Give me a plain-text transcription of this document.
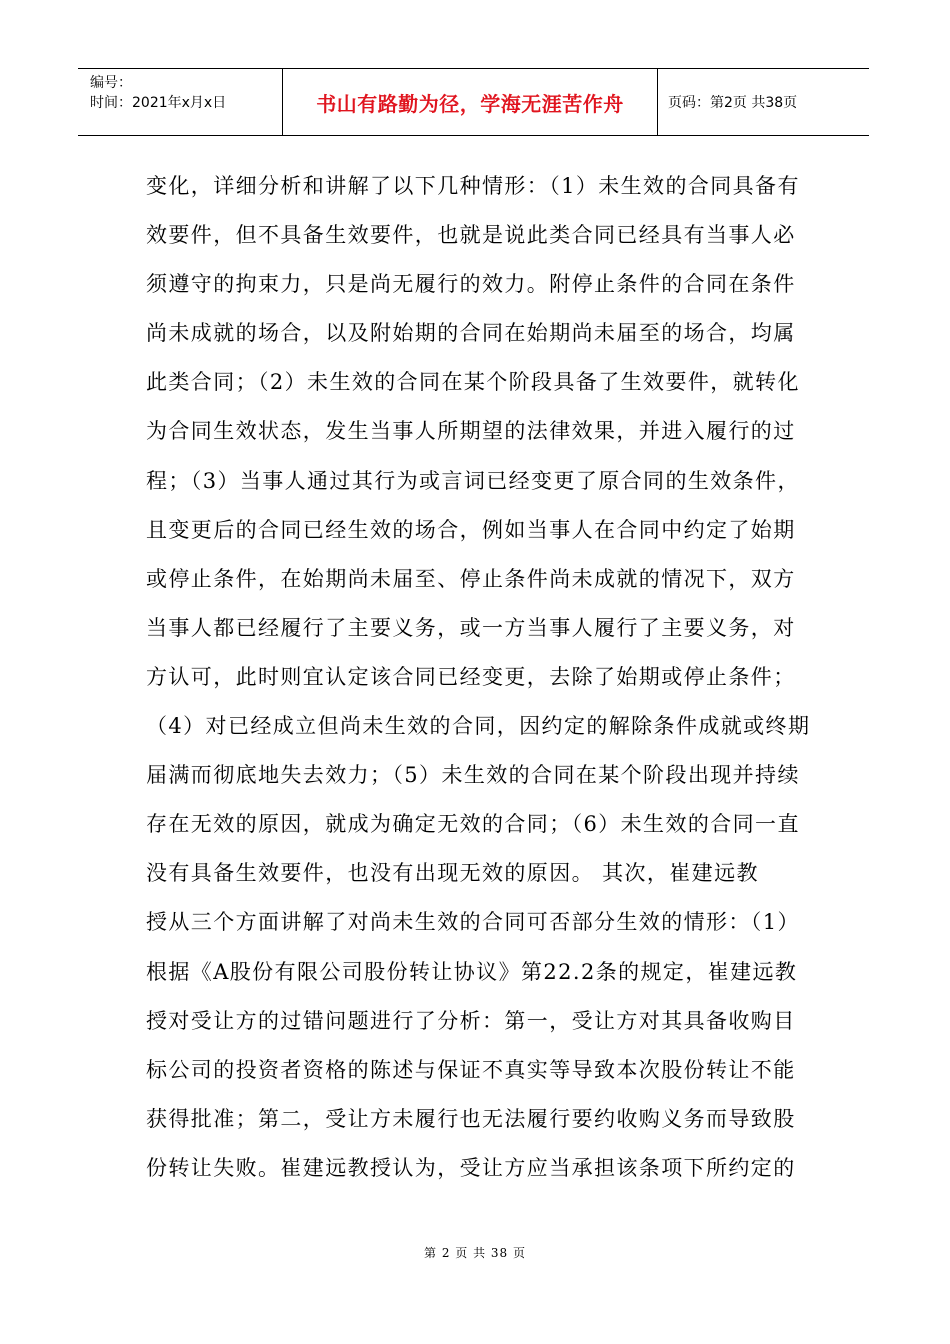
编号：
时间：2021年x月x日	书山有路勤为径，学海无涯苦作舟	页码：第2页 共38页
变化，详细分析和讲解了以下几种情形：（1）未生效的合同具备有
效要件，但不具备生效要件，也就是说此类合同已经具有当事人必
须遵守的拘束力，只是尚无履行的效力。附停止条件的合同在条件
尚未成就的场合，以及附始期的合同在始期尚未届至的场合，均属
此类合同；（2）未生效的合同在某个阶段具备了生效要件，就转化
为合同生效状态，发生当事人所期望的法律效果，并进入履行的过
程；（3）当事人通过其行为或言词已经变更了原合同的生效条件，
且变更后的合同已经生效的场合，例如当事人在合同中约定了始期
或停止条件，在始期尚未届至、停止条件尚未成就的情况下，双方
当事人都已经履行了主要义务，或一方当事人履行了主要义务，对
方认可，此时则宜认定该合同已经变更，去除了始期或停止条件；
（4）对已经成立但尚未生效的合同，因约定的解除条件成就或终期
届满而彻底地失去效力；（5）未生效的合同在某个阶段出现并持续
存在无效的原因，就成为确定无效的合同；（6）未生效的合同一直
没有具备生效要件，也没有出现无效的原因。 其次，崔建远教
授从三个方面讲解了对尚未生效的合同可否部分生效的情形：（1）
根据《A股份有限公司股份转让协议》第22.2条的规定，崔建远教
授对受让方的过错问题进行了分析：第一，受让方对其具备收购目
标公司的投资者资格的陈述与保证不真实等导致本次股份转让不能
获得批准；第二，受让方未履行也无法履行要约收购义务而导致股
份转让失败。崔建远教授认为，受让方应当承担该条项下所约定的
第 2 页 共 38 页
